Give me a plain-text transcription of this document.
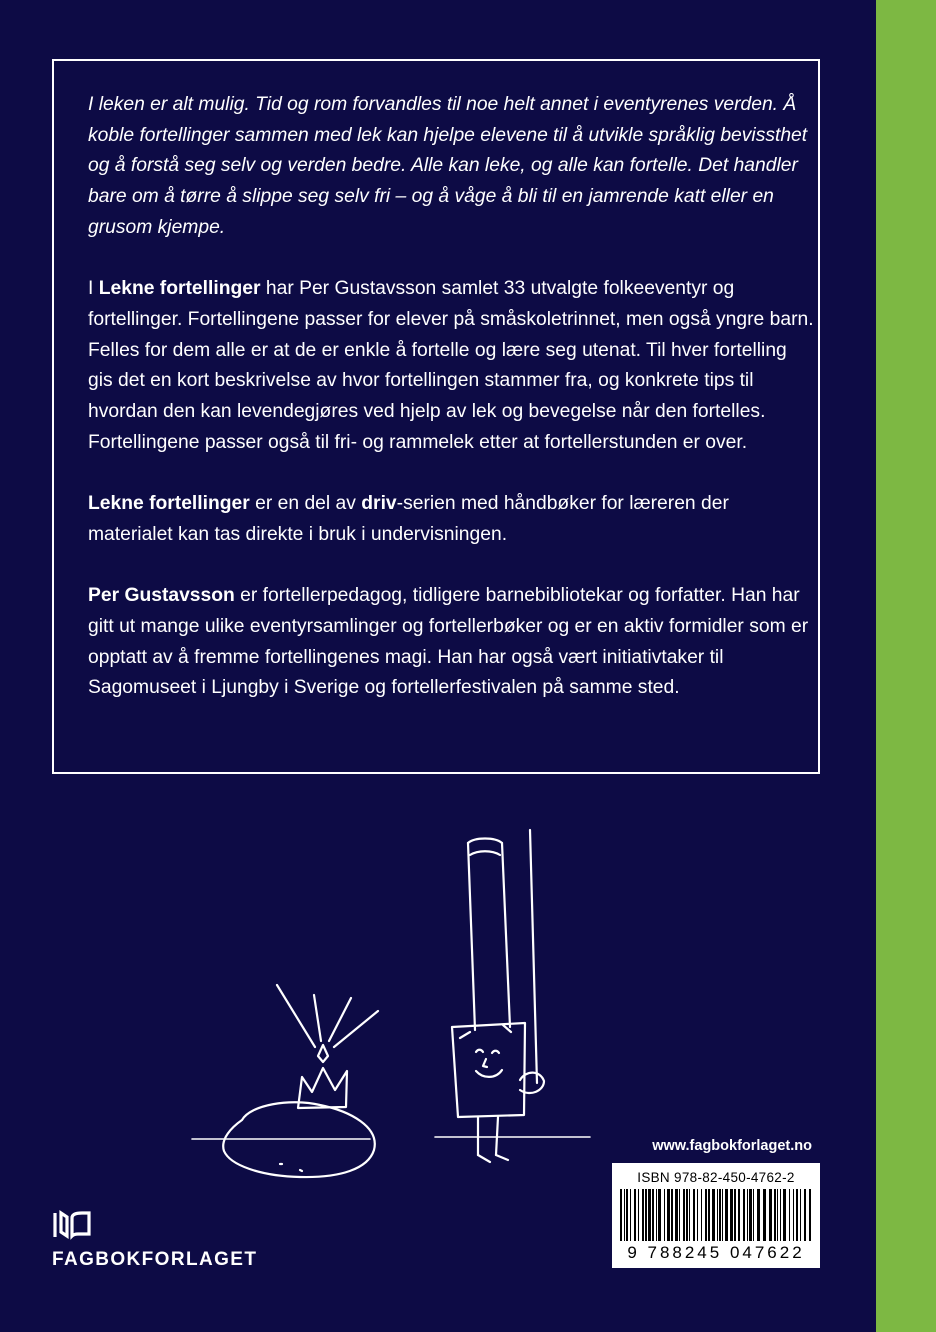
I leken er alt mulig. Tid og rom forvandles til noe helt annet i eventyrenes verden. Å koble fortellinger sammen med lek kan hjelpe elevene til å utvikle språklig bevissthet og å forstå seg selv og verden bedre. Alle kan leke, og alle kan fortelle. Det handler bare om å tørre å slippe seg selv fri – og å våge å bli til en jamrende katt eller en grusom kjempe.

I Lekne fortellinger har Per Gustavsson samlet 33 utvalgte folkeeventyr og fortellinger. Fortellingene passer for elever på småskoletrinnet, men også yngre barn. Felles for dem alle er at de er enkle å fortelle og lære seg utenat. Til hver fortelling gis det en kort beskrivelse av hvor fortellingen stammer fra, og konkrete tips til hvordan den kan levendegjøres ved hjelp av lek og bevegelse når den fortelles. Fortellingene passer også til fri- og rammelek etter at fortellerstunden er over.

Lekne fortellinger er en del av driv-serien med håndbøker for læreren der materialet kan tas direkte i bruk i undervisningen.

Per Gustavsson er fortellerpedagog, tidligere barnebibliotekar og forfatter. Han har gitt ut mange ulike eventyrsamlinger og fortellerbøker og er en aktiv formidler som er opptatt av å fremme fortellingenes magi. Han har også vært initiativtaker til Sagomuseet i Ljungby i Sverige og fortellerfestivalen på samme sted.

www.fagbokforlaget.no
ISBN 978-82-450-4762-2
9 788245 047622
FAGBOKFORLAGET
